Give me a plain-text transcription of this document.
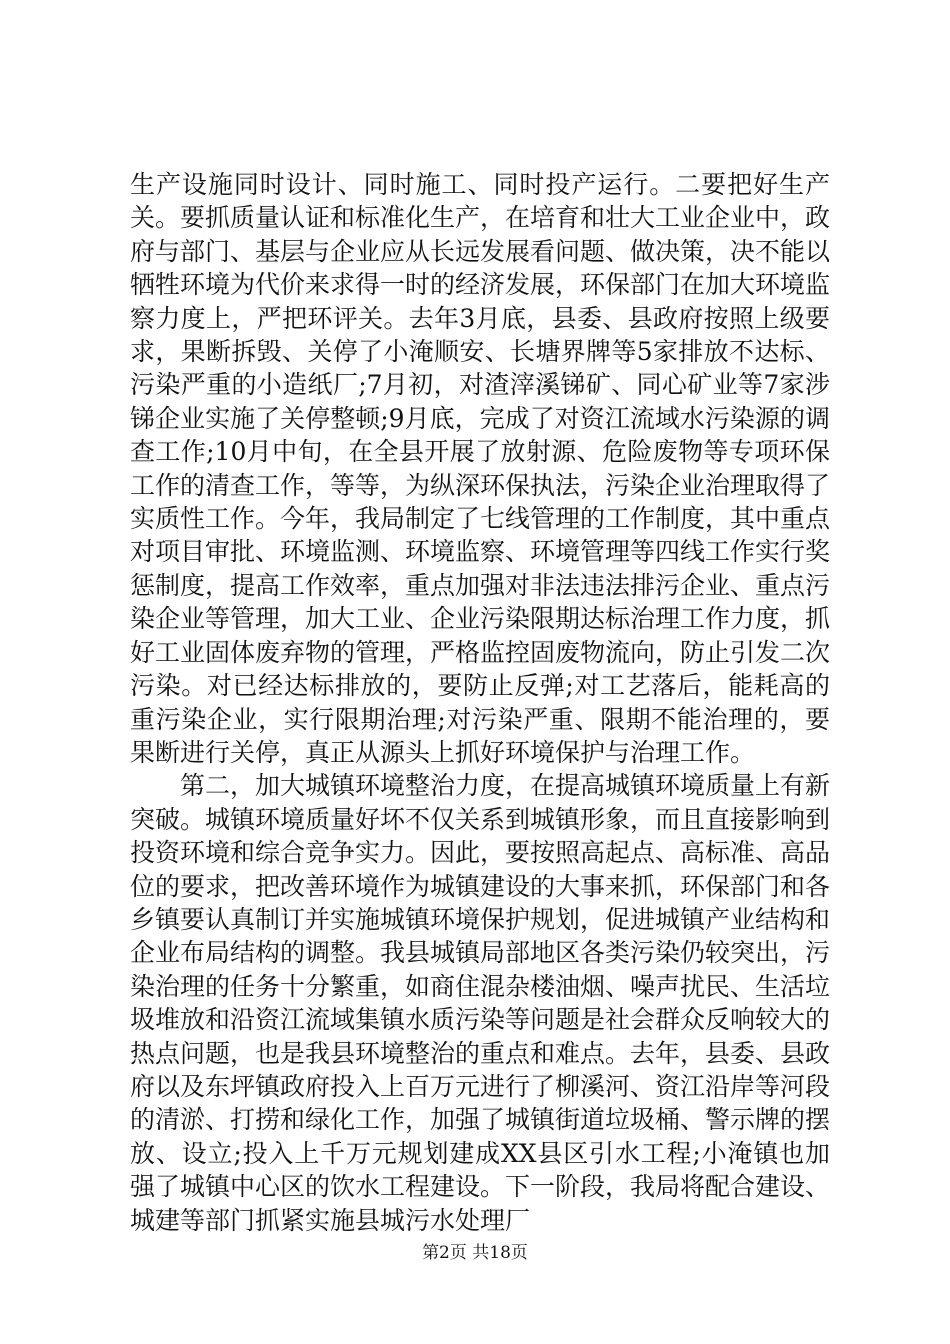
生产设施同时设计、同时施工、同时投产运行。二要把好生产关。要抓质量认证和标准化生产，在培育和壮大工业企业中，政府与部门、基层与企业应从长远发展看问题、做决策，决不能以牺牲环境为代价来求得一时的经济发展，环保部门在加大环境监察力度上，严把环评关。去年3月底，县委、县政府按照上级要求，果断拆毁、关停了小淹顺安、长塘界牌等5家排放不达标、污染严重的小造纸厂;7月初，对渣滓溪锑矿、同心矿业等7家涉锑企业实施了关停整顿;9月底，完成了对资江流域水污染源的调查工作;10月中旬，在全县开展了放射源、危险废物等专项环保工作的清查工作，等等，为纵深环保执法，污染企业治理取得了实质性工作。今年，我局制定了七线管理的工作制度，其中重点对项目审批、环境监测、环境监察、环境管理等四线工作实行奖惩制度，提高工作效率，重点加强对非法违法排污企业、重点污染企业等管理，加大工业、企业污染限期达标治理工作力度，抓好工业固体废弃物的管理，严格监控固废物流向，防止引发二次污染。对已经达标排放的，要防止反弹;对工艺落后，能耗高的重污染企业，实行限期治理;对污染严重、限期不能治理的，要果断进行关停，真正从源头上抓好环境保护与治理工作。

第二，加大城镇环境整治力度，在提高城镇环境质量上有新突破。城镇环境质量好坏不仅关系到城镇形象，而且直接影响到投资环境和综合竞争实力。因此，要按照高起点、高标准、高品位的要求，把改善环境作为城镇建设的大事来抓，环保部门和各乡镇要认真制订并实施城镇环境保护规划，促进城镇产业结构和企业布局结构的调整。我县城镇局部地区各类污染仍较突出，污染治理的任务十分繁重，如商住混杂楼油烟、噪声扰民、生活垃圾堆放和沿资江流域集镇水质污染等问题是社会群众反响较大的热点问题，也是我县环境整治的重点和难点。去年，县委、县政府以及东坪镇政府投入上百万元进行了柳溪河、资江沿岸等河段的清淤、打捞和绿化工作，加强了城镇街道垃圾桶、警示牌的摆放、设立;投入上千万元规划建成XX县区引水工程;小淹镇也加强了城镇中心区的饮水工程建设。下一阶段，我局将配合建设、城建等部门抓紧实施县城污水处理厂

第2页 共18页
